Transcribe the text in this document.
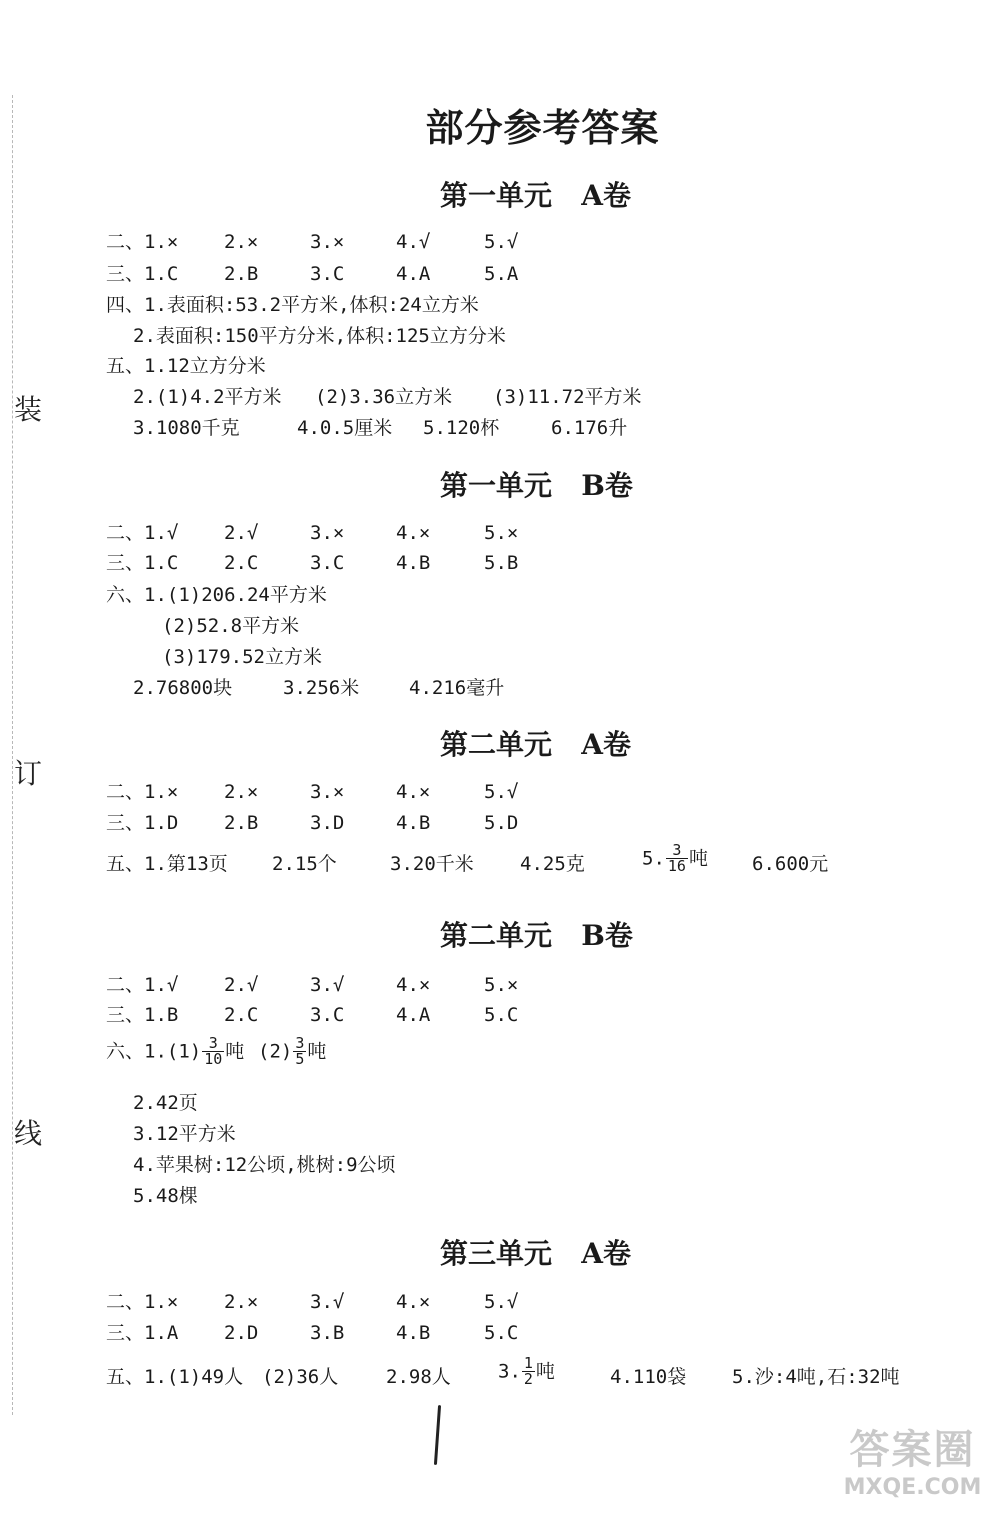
装
订
线
部分参考答案
第一单元   A卷
二、1.× 2.×	3.×	4.√	5.√
三、1.C 2.B	3.C	4.A	5.A
四、1.表面积:53.2平方米,体积:24立方米
2.表面积:150平方分米,体积:125立方分米
五、1.12立方分米
2.(1)4.2平方米 (2)3.36立方米 (3)11.72平方米
3.1080千克	4.0.5厘米 5.120杯	6.176升
第一单元   B卷
二、1.√ 2.√	3.×	4.×	5.×
三、1.C 2.C	3.C	4.B	5.B
六、1.(1)206.24平方米
(2)52.8平方米
(3)179.52立方米
2.76800块	3.256米	4.216毫升
第二单元   A卷
二、1.× 2.×	3.×	4.×	5.√
三、1.D 2.B	3.D	4.B	5.D
五、1.第13页 2.15个	3.20千米 4.25克	5. $\frac{3}{16}$ 吨 6.600元
第二单元   B卷
二、1.√ 2.√	3.√	4.×	5.×
三、1.B 2.C	3.C	4.A	5.C
六、$1.(1) \frac{3}{10}$ 吨 $(2) \frac{3}{5}$ 吨
2.42页
3.12平方米
4.苹果树:12公顷,桃树:9公顷
5.48棵
第三单元   A卷
二、1.× 2.×	3.√	4.×	5.√
三、1.A 2.D	3.B	4.B	5.C
五、1.(1)49人 (2)36人	2.98人 3. $\frac{1}{2}$ 吨	4.110袋 5.沙:4吨,石:32吨
答案圈
MXQE.COM
